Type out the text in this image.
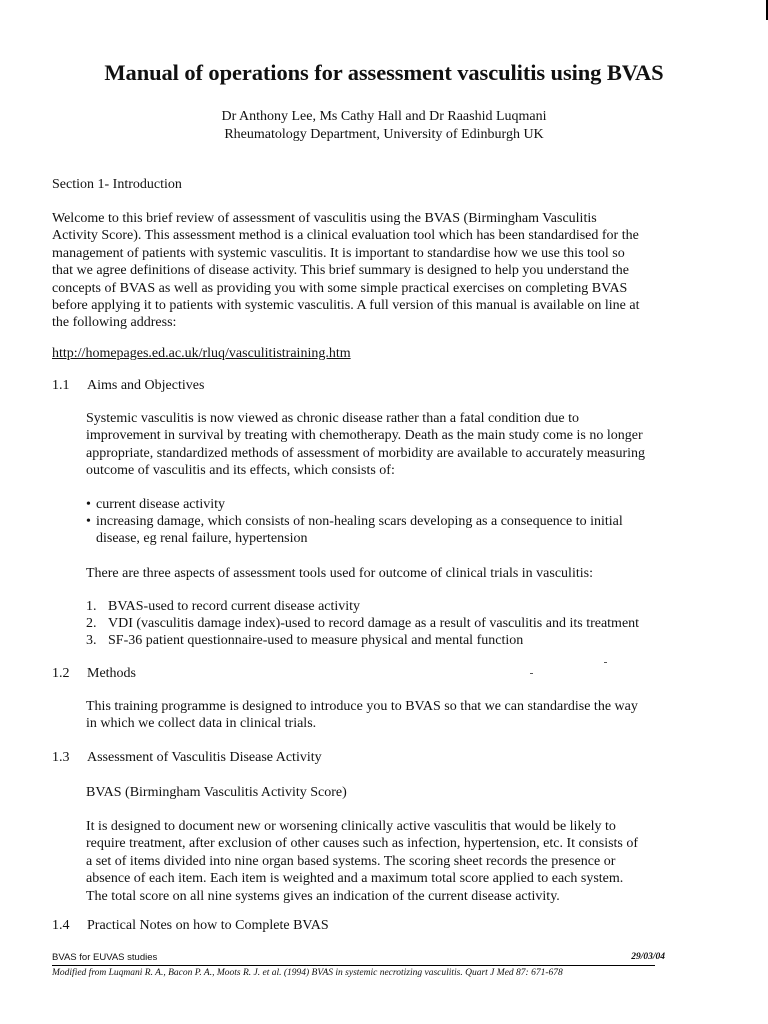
Manual of operations for assessment vasculitis using BVAS
Dr Anthony Lee, Ms Cathy Hall and Dr Raashid Luqmani
Rheumatology Department, University of Edinburgh UK
Section 1- Introduction
Welcome to this brief review of assessment of vasculitis using the BVAS (Birmingham Vasculitis
Activity Score). This assessment method is a clinical evaluation tool which has been standardised for the
management of patients with systemic vasculitis. It is important to standardise how we use this tool so
that we agree definitions of disease activity. This brief summary is designed to help you understand the
concepts of BVAS as well as providing you with some simple practical exercises on completing BVAS
before applying it to patients with systemic vasculitis. A full version of this manual is available on line at
the following address:
http://homepages.ed.ac.uk/rluq/vasculitistraining.htm
1.1 Aims and Objectives
Systemic vasculitis is now viewed as chronic disease rather than a fatal condition due to
improvement in survival by treating with chemotherapy. Death as the main study come is no longer
appropriate, standardized methods of assessment of morbidity are available to accurately measuring
outcome of vasculitis and its effects, which consists of:
• current disease activity
• increasing damage, which consists of non-healing scars developing as a consequence to initial
disease, eg renal failure, hypertension
There are three aspects of assessment tools used for outcome of clinical trials in vasculitis:
1. BVAS-used to record current disease activity
2. VDI (vasculitis damage index)-used to record damage as a result of vasculitis and its treatment
3. SF-36 patient questionnaire-used to measure physical and mental function
1.2 Methods
This training programme is designed to introduce you to BVAS so that we can standardise the way
in which we collect data in clinical trials.
1.3 Assessment of Vasculitis Disease Activity
BVAS (Birmingham Vasculitis Activity Score)
It is designed to document new or worsening clinically active vasculitis that would be likely to
require treatment, after exclusion of other causes such as infection, hypertension, etc. It consists of
a set of items divided into nine organ based systems. The scoring sheet records the presence or
absence of each item. Each item is weighted and a maximum total score applied to each system.
The total score on all nine systems gives an indication of the current disease activity.
1.4 Practical Notes on how to Complete BVAS
BVAS for EUVAS studies	29/03/04
Modified from Luqmani R. A., Bacon P. A., Moots R. J. et al. (1994) BVAS in systemic necrotizing vasculitis. Quart J Med 87: 671-678
